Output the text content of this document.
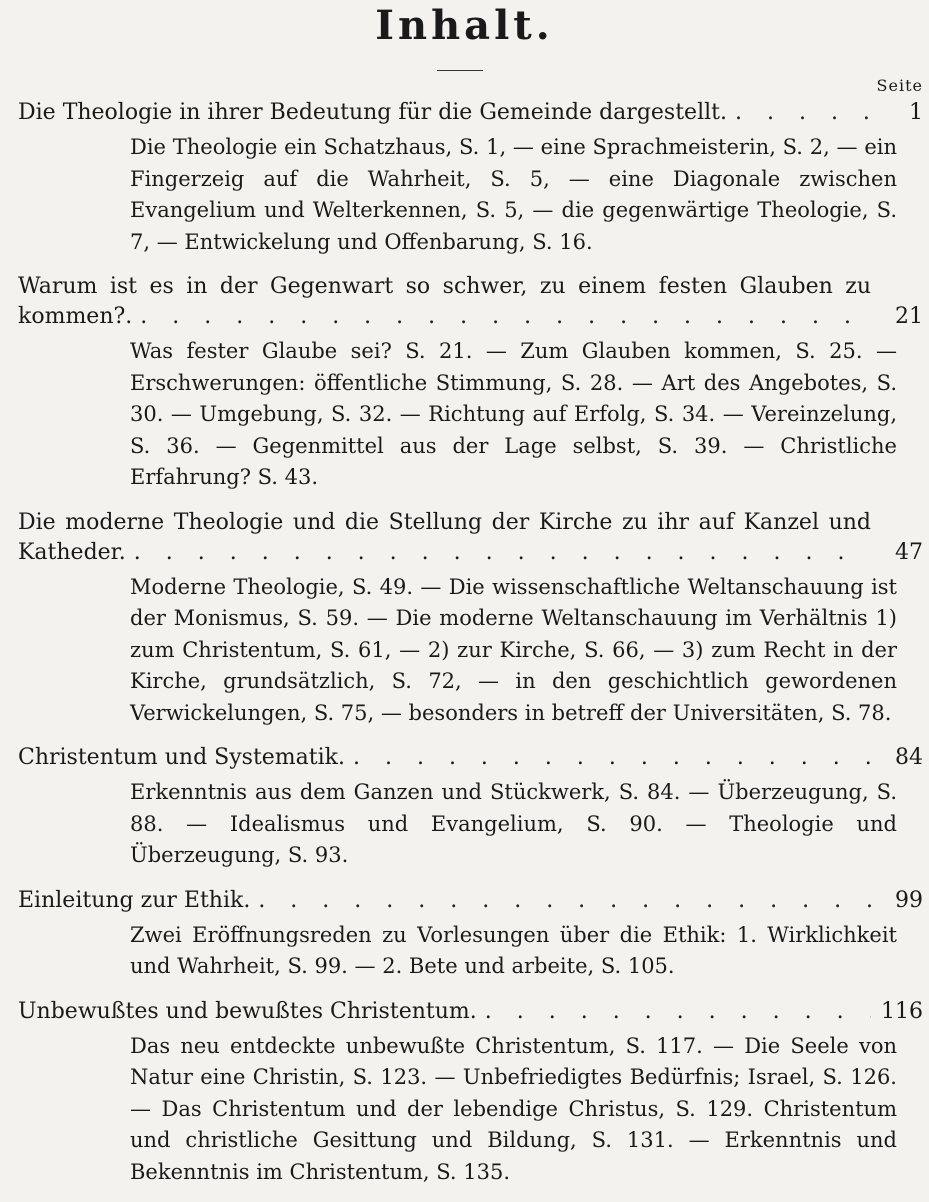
Inhalt.
Seite
Die Theologie in ihrer Bedeutung für die Gemeinde dargestellt. . . .	1
Die Theologie ein Schatzhaus, S. 1, — eine Sprachmeisterin, S. 2, — ein Fingerzeig auf die Wahrheit, S. 5, — eine Diagonale zwischen Evangelium und Welterkennen, S. 5, — die gegenwärtige Theologie, S. 7, — Entwickelung und Offenbarung, S. 16.
Warum ist es in der Gegenwart so schwer, zu einem festen Glauben zu
kommen?. . . .	21
Was fester Glaube sei? S. 21. — Zum Glauben kommen, S. 25. — Erschwerungen: öffentliche Stimmung, S. 28. — Art des Angebotes, S. 30. — Umgebung, S. 32. — Richtung auf Erfolg, S. 34. — Vereinzelung, S. 36. — Gegenmittel aus der Lage selbst, S. 39. — Christliche Erfahrung? S. 43.
Die moderne Theologie und die Stellung der Kirche zu ihr auf Kanzel und
Katheder. . . .	47
Moderne Theologie, S. 49. — Die wissenschaftliche Weltanschauung ist der Monismus, S. 59. — Die moderne Weltanschauung im Verhältnis 1) zum Christentum, S. 61, — 2) zur Kirche, S. 66, — 3) zum Recht in der Kirche, grundsätzlich, S. 72, — in den geschichtlich gewordenen Verwickelungen, S. 75, — besonders in betreff der Universitäten, S. 78.
Christentum und Systematik. . . .	84
Erkenntnis aus dem Ganzen und Stückwerk, S. 84. — Überzeugung, S. 88. — Idealismus und Evangelium, S. 90. — Theologie und Überzeugung, S. 93.
Einleitung zur Ethik. . . .	99
Zwei Eröffnungsreden zu Vorlesungen über die Ethik: 1. Wirklichkeit und Wahrheit, S. 99. — 2. Bete und arbeite, S. 105.
Unbewußtes und bewußtes Christentum. . . .	116
Das neu entdeckte unbewußte Christentum, S. 117. — Die Seele von Natur eine Christin, S. 123. — Unbefriedigtes Bedürfnis; Israel, S. 126. — Das Christentum und der lebendige Christus, S. 129. Christentum und christliche Gesittung und Bildung, S. 131. — Erkenntnis und Bekenntnis im Christentum, S. 135.
